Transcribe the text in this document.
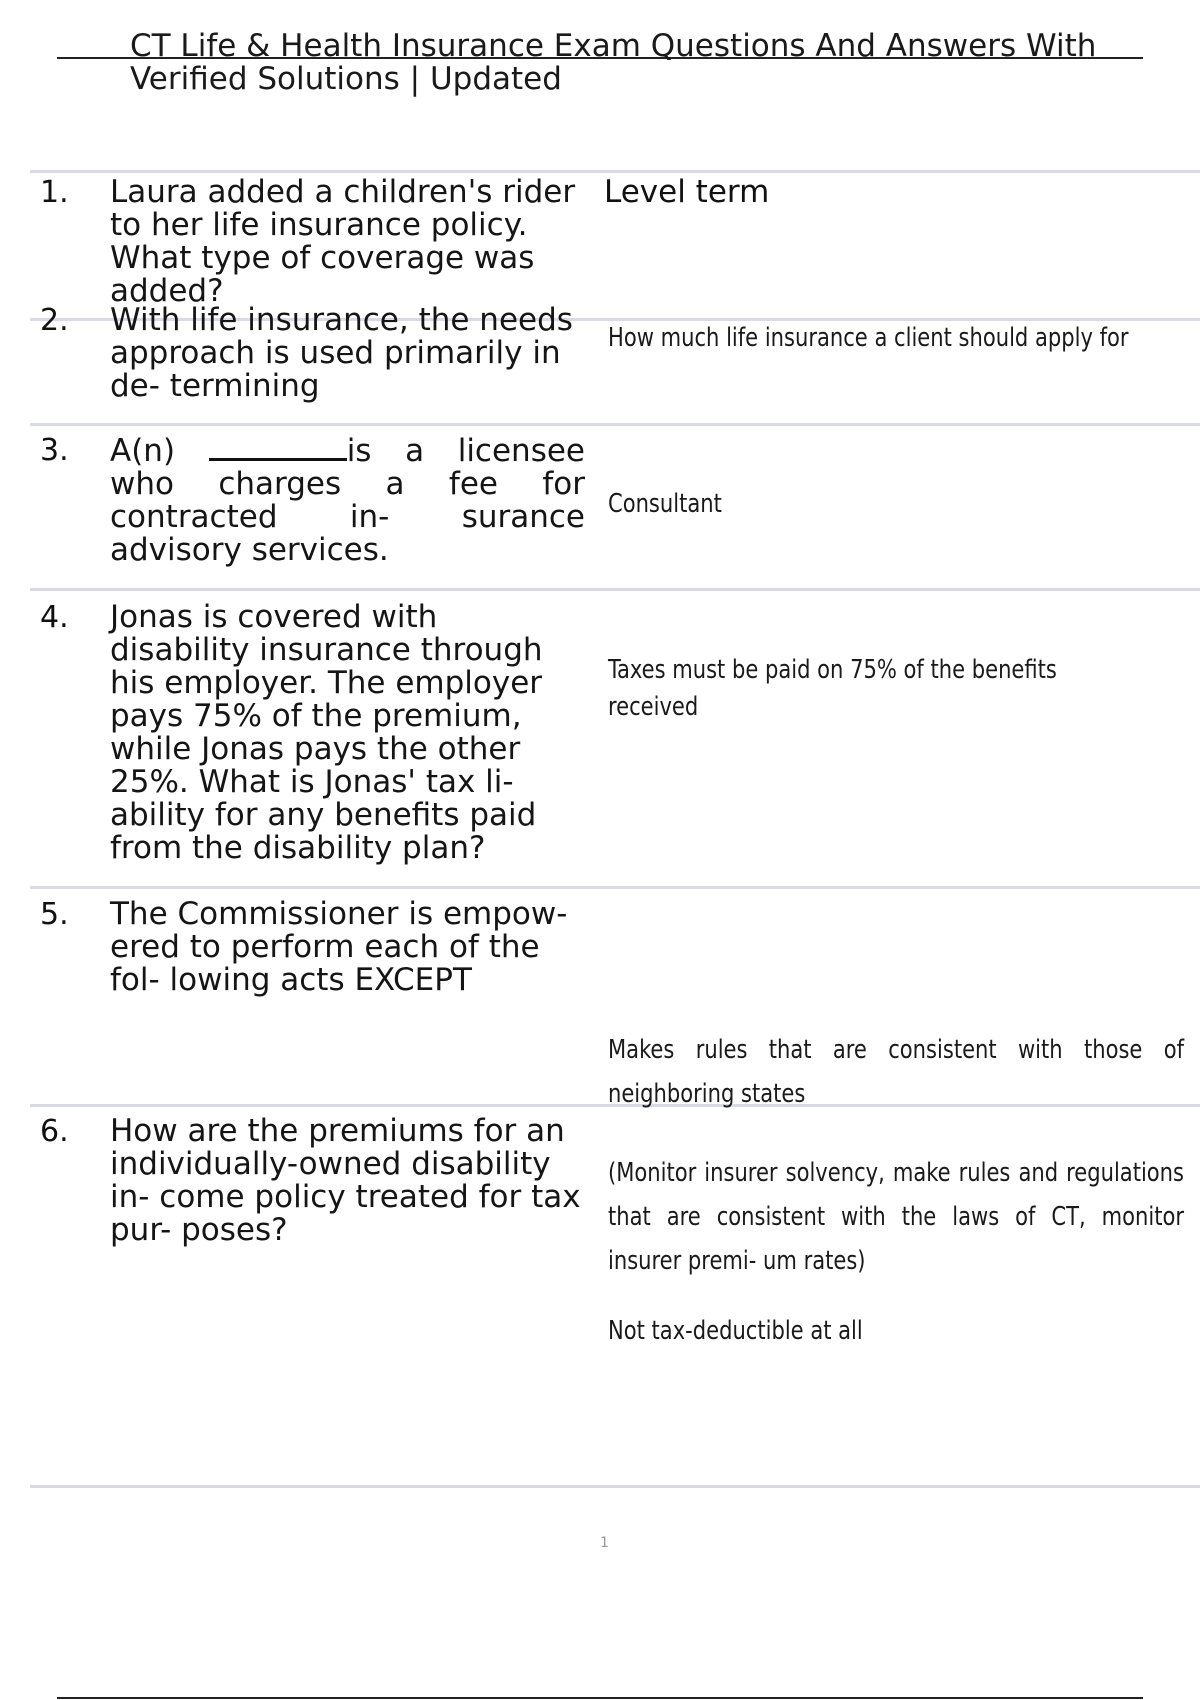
CT Life & Health Insurance Exam Questions And Answers With
Verified Solutions | Updated
1. Laura added a children's rider to her life insurance policy. What type of coverage was added?
Level term
2. With life insurance, the needs approach is used primarily in de- termining
How much life insurance a client should apply for
3. A(n)	is a licensee who charges a fee for contracted in- surance advisory services.
Consultant
4. Jonas is covered with disability insurance through his employer. The employer pays 75% of the premium, while Jonas pays the other 25%. What is Jonas' tax li- ability for any benefits paid from the disability plan?
Taxes must be paid on 75% of the benefits received
5. The Commissioner is empow- ered to perform each of the fol- lowing acts EXCEPT
Makes rules that are consistent with those of neighboring states
(Monitor insurer solvency, make rules and regulations that are consistent with the laws of CT, monitor insurer premi- um rates)
6. How are the premiums for an individually-owned disability in- come policy treated for tax pur- poses?
Not tax-deductible at all
1
